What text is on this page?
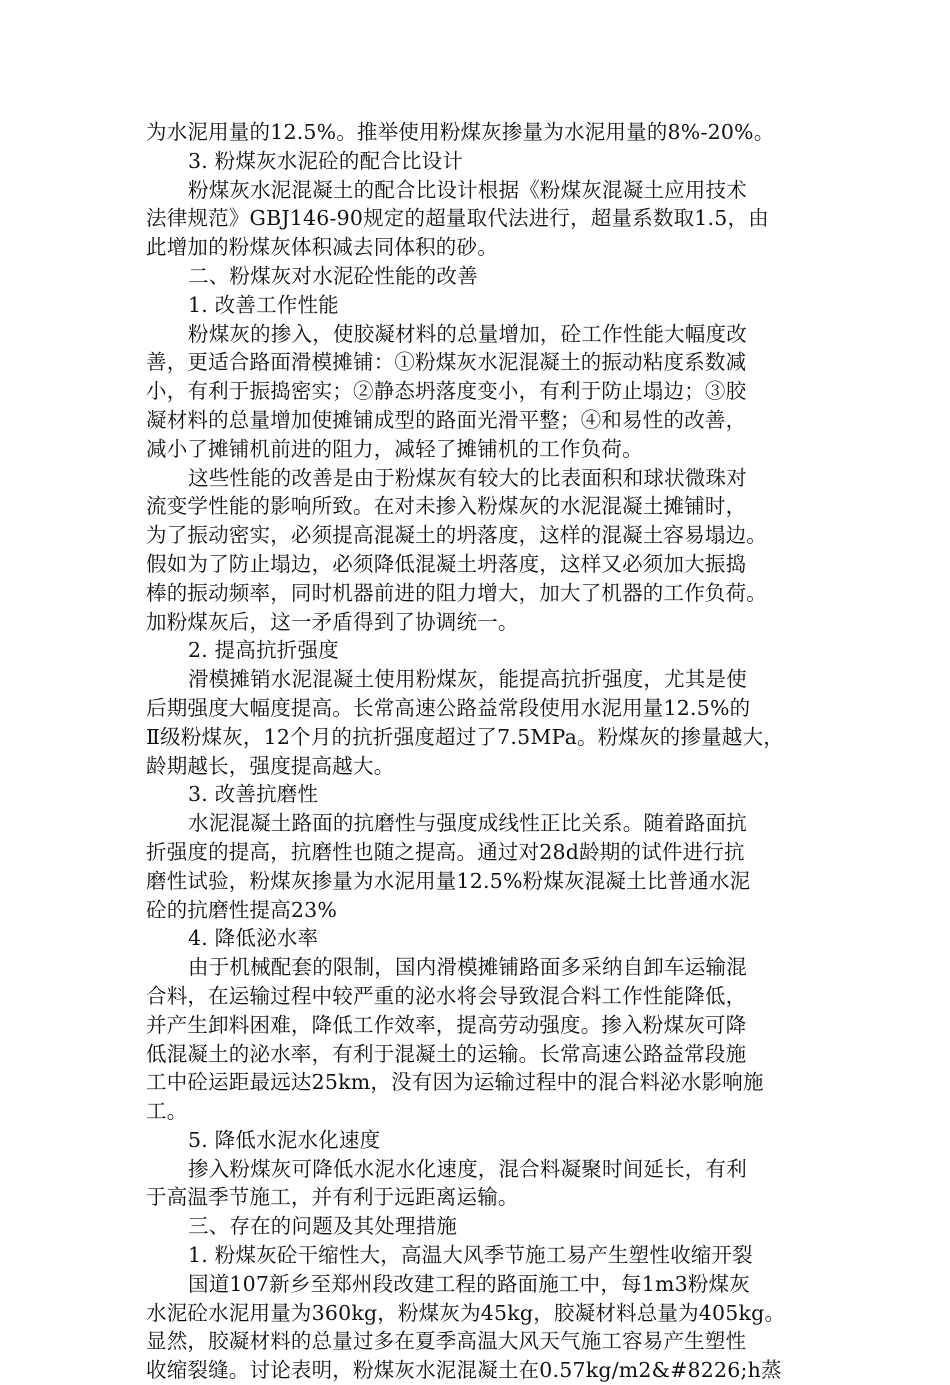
为水泥用量的12.5%。推举使用粉煤灰掺量为水泥用量的8%-20%。
3. 粉煤灰水泥砼的配合比设计
粉煤灰水泥混凝土的配合比设计根据《粉煤灰混凝土应用技术
法律规范》GBJ146-90规定的超量取代法进行，超量系数取1.5，由
此增加的粉煤灰体积减去同体积的砂。
二、粉煤灰对水泥砼性能的改善
1. 改善工作性能
粉煤灰的掺入，使胶凝材料的总量增加，砼工作性能大幅度改
善，更适合路面滑模摊铺：①粉煤灰水泥混凝土的振动粘度系数减
小，有利于振捣密实；②静态坍落度变小，有利于防止塌边；③胶
凝材料的总量增加使摊铺成型的路面光滑平整；④和易性的改善，
减小了摊铺机前进的阻力，减轻了摊铺机的工作负荷。
这些性能的改善是由于粉煤灰有较大的比表面积和球状微珠对
流变学性能的影响所致。在对未掺入粉煤灰的水泥混凝土摊铺时，
为了振动密实，必须提高混凝土的坍落度，这样的混凝土容易塌边。
假如为了防止塌边，必须降低混凝土坍落度，这样又必须加大振捣
棒的振动频率，同时机器前进的阻力增大，加大了机器的工作负荷。
加粉煤灰后，这一矛盾得到了协调统一。
2. 提高抗折强度
滑模摊销水泥混凝土使用粉煤灰，能提高抗折强度，尤其是使
后期强度大幅度提高。长常高速公路益常段使用水泥用量12.5%的
Ⅱ级粉煤灰，12个月的抗折强度超过了7.5MPa。粉煤灰的掺量越大，
龄期越长，强度提高越大。
3. 改善抗磨性
水泥混凝土路面的抗磨性与强度成线性正比关系。随着路面抗
折强度的提高，抗磨性也随之提高。通过对28d龄期的试件进行抗
磨性试验，粉煤灰掺量为水泥用量12.5%粉煤灰混凝土比普通水泥
砼的抗磨性提高23%
4. 降低泌水率
由于机械配套的限制，国内滑模摊铺路面多采纳自卸车运输混
合料，在运输过程中较严重的泌水将会导致混合料工作性能降低，
并产生卸料困难，降低工作效率，提高劳动强度。掺入粉煤灰可降
低混凝土的泌水率，有利于混凝土的运输。长常高速公路益常段施
工中砼运距最远达25km，没有因为运输过程中的混合料泌水影响施
工。
5. 降低水泥水化速度
掺入粉煤灰可降低水泥水化速度，混合料凝聚时间延长，有利
于高温季节施工，并有利于远距离运输。
三、存在的问题及其处理措施
1. 粉煤灰砼干缩性大，高温大风季节施工易产生塑性收缩开裂
国道107新乡至郑州段改建工程的路面施工中，每1m3粉煤灰
水泥砼水泥用量为360kg，粉煤灰为45kg，胶凝材料总量为405kg。
显然，胶凝材料的总量过多在夏季高温大风天气施工容易产生塑性
收缩裂缝。讨论表明，粉煤灰水泥混凝土在0.57kg/m2&#8226;h蒸
